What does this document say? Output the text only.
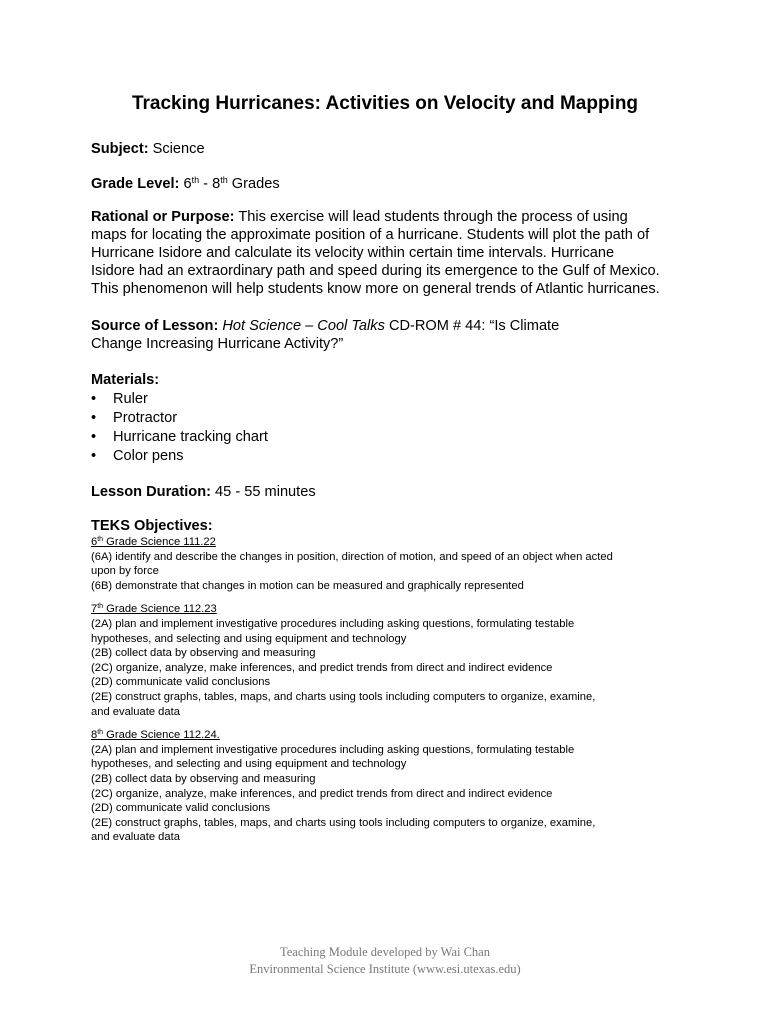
Tracking Hurricanes: Activities on Velocity and Mapping

Subject: Science

Grade Level: 6th - 8th Grades

Rational or Purpose: This exercise will lead students through the process of using
maps for locating the approximate position of a hurricane. Students will plot the path of
Hurricane Isidore and calculate its velocity within certain time intervals. Hurricane
Isidore had an extraordinary path and speed during its emergence to the Gulf of Mexico.
This phenomenon will help students know more on general trends of Atlantic hurricanes.

Source of Lesson: Hot Science – Cool Talks CD-ROM # 44: “Is Climate
Change Increasing Hurricane Activity?”

Materials:

• Ruler
• Protractor
• Hurricane tracking chart
• Color pens

Lesson Duration: 45 - 55 minutes

TEKS Objectives:

6th Grade Science 111.22

(6A) identify and describe the changes in position, direction of motion, and speed of an object when acted

upon by force

(6B) demonstrate that changes in motion can be measured and graphically represented

7th Grade Science 112.23

(2A) plan and implement investigative procedures including asking questions, formulating testable

hypotheses, and selecting and using equipment and technology

(2B) collect data by observing and measuring

(2C) organize, analyze, make inferences, and predict trends from direct and indirect evidence

(2D) communicate valid conclusions

(2E) construct graphs, tables, maps, and charts using tools including computers to organize, examine,

and evaluate data

8th Grade Science 112.24.

(2A) plan and implement investigative procedures including asking questions, formulating testable

hypotheses, and selecting and using equipment and technology

(2B) collect data by observing and measuring

(2C) organize, analyze, make inferences, and predict trends from direct and indirect evidence

(2D) communicate valid conclusions

(2E) construct graphs, tables, maps, and charts using tools including computers to organize, examine,

and evaluate data

Teaching Module developed by Wai Chan
Environmental Science Institute (www.esi.utexas.edu)
